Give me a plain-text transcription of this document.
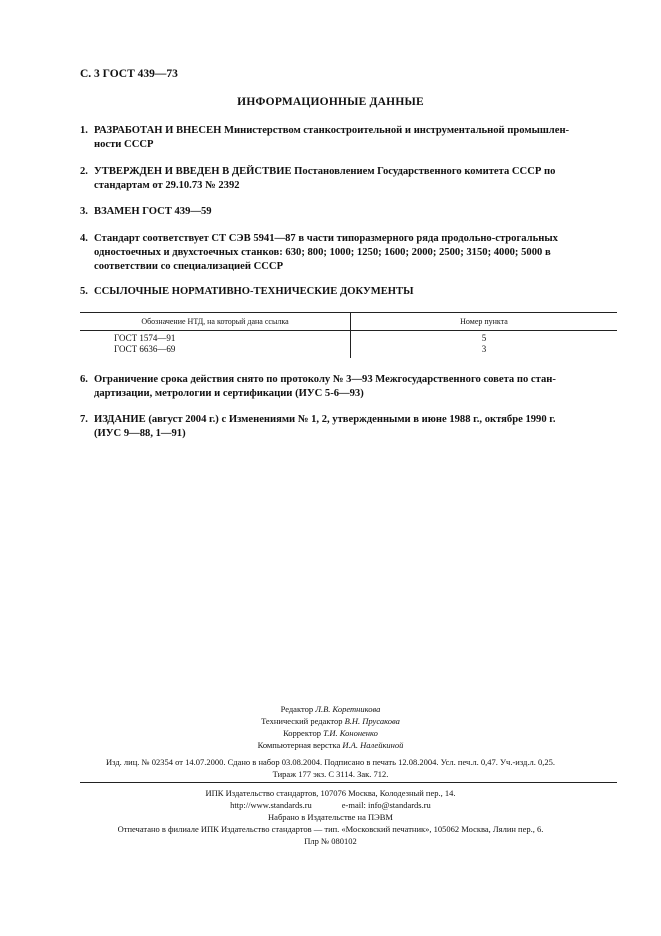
С. 3 ГОСТ 439—73
ИНФОРМАЦИОННЫЕ ДАННЫЕ
1. РАЗРАБОТАН И ВНЕСЕН Министерством станкостроительной и инструментальной промышлен-
ности СССР
2. УТВЕРЖДЕН И ВВЕДЕН В ДЕЙСТВИЕ Постановлением Государственного комитета СССР по
стандартам от 29.10.73 № 2392
3. ВЗАМЕН ГОСТ 439—59
4. Стандарт соответствует СТ СЭВ 5941—87 в части типоразмерного ряда продольно-строгальных
одностоечных и двухстоечных станков: 630; 800; 1000; 1250; 1600; 2000; 2500; 3150; 4000; 5000 в
соответствии со специализацией СССР
5. ССЫЛОЧНЫЕ НОРМАТИВНО-ТЕХНИЧЕСКИЕ ДОКУМЕНТЫ
Обозначение НТД, на который дана ссылка	Номер пункта
ГОСТ 1574—91	5
ГОСТ 6636—69	3
6. Ограничение срока действия снято по протоколу № 3—93 Межгосударственного совета по стан-
дартизации, метрологии и сертификации (ИУС 5-6—93)
7. ИЗДАНИЕ (август 2004 г.) с Изменениями № 1, 2, утвержденными в июне 1988 г., октябре 1990 г.
(ИУС 9—88, 1—91)
Редактор Л.В. Коретникова
Технический редактор В.Н. Прусакова
Корректор Т.И. Кононенко
Компьютерная верстка И.А. Налейкиной
Изд. лиц. № 02354 от 14.07.2000. Сдано в набор 03.08.2004. Подписано в печать 12.08.2004. Усл. печ.л. 0,47. Уч.-изд.л. 0,25.
Тираж 177 экз. С 3114. Зак. 712.
ИПК Издательство стандартов, 107076 Москва, Колодезный пер., 14.
http://www.standards.ru	e-mail: info@standards.ru
Набрано в Издательстве на ПЭВМ
Отпечатано в филиале ИПК Издательство стандартов — тип. «Московский печатник», 105062 Москва, Лялин пер., 6.
Плр № 080102
